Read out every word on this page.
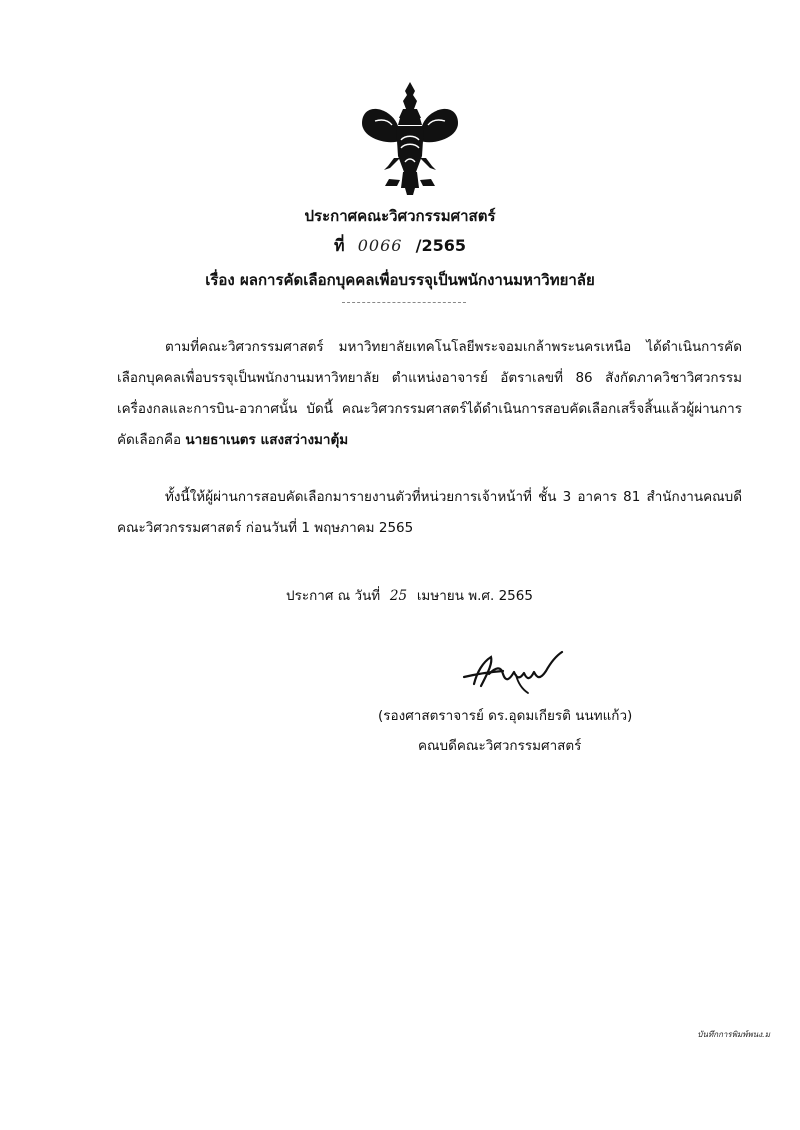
ประกาศคณะวิศวกรรมศาสตร์
ที่ 0066 /2565
เรื่อง ผลการคัดเลือกบุคคลเพื่อบรรจุเป็นพนักงานมหาวิทยาลัย

ตามที่คณะวิศวกรรมศาสตร์ มหาวิทยาลัยเทคโนโลยีพระจอมเกล้าพระนครเหนือ ได้ดำเนินการคัดเลือกบุคคลเพื่อบรรจุเป็นพนักงานมหาวิทยาลัย ตำแหน่งอาจารย์ อัตราเลขที่ 86 สังกัดภาควิชาวิศวกรรมเครื่องกลและการบิน-อวกาศนั้น บัดนี้ คณะวิศวกรรมศาสตร์ได้ดำเนินการสอบคัดเลือกเสร็จสิ้นแล้วผู้ผ่านการคัดเลือกคือ นายธาเนตร แสงสว่างมาตุ้ม

ทั้งนี้ให้ผู้ผ่านการสอบคัดเลือกมารายงานตัวที่หน่วยการเจ้าหน้าที่ ชั้น 3 อาคาร 81 สำนักงานคณบดี คณะวิศวกรรมศาสตร์ ก่อนวันที่ 1 พฤษภาคม 2565

ประกาศ ณ วันที่ 25 เมษายน พ.ศ. 2565
(รองศาสตราจารย์ ดร.อุดมเกียรติ นนทแก้ว)
คณบดีคณะวิศวกรรมศาสตร์
บันทึกการพิมพ์พนง.ม
